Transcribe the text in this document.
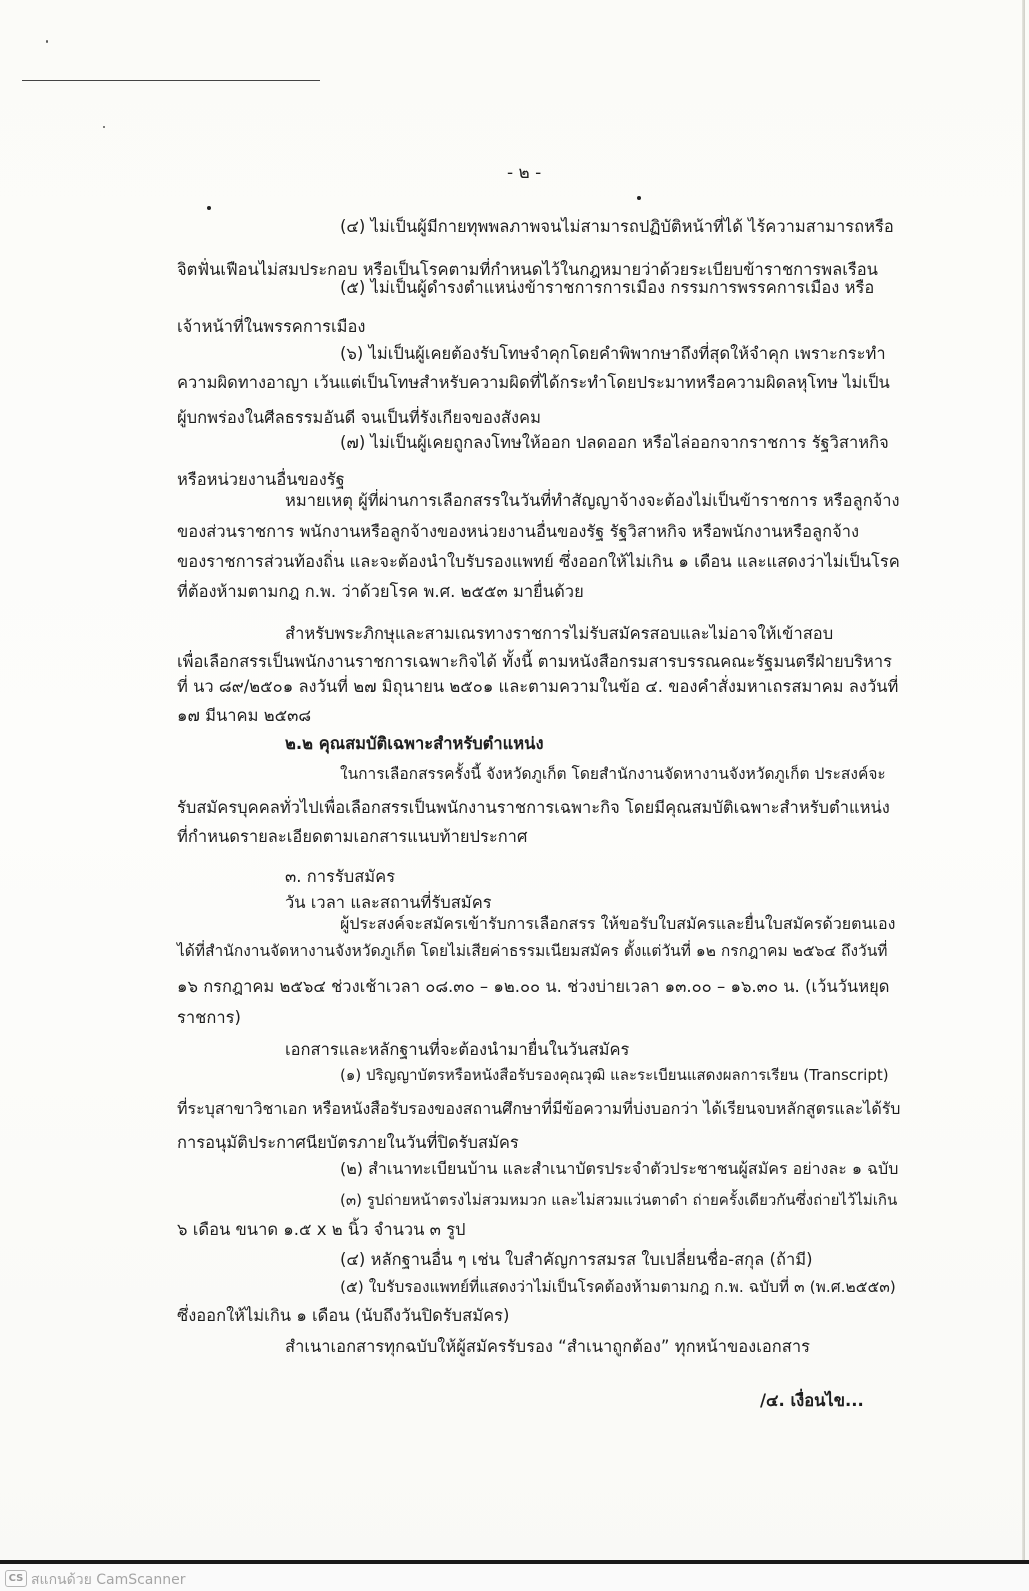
- ๒ -
(๔) ไม่เป็นผู้มีกายทุพพลภาพจนไม่สามารถปฏิบัติหน้าที่ได้ ไร้ความสามารถหรือ
จิตฟั่นเฟือนไม่สมประกอบ หรือเป็นโรคตามที่กำหนดไว้ในกฎหมายว่าด้วยระเบียบข้าราชการพลเรือน
(๕) ไม่เป็นผู้ดำรงตำแหน่งข้าราชการการเมือง กรรมการพรรคการเมือง หรือ
เจ้าหน้าที่ในพรรคการเมือง
(๖) ไม่เป็นผู้เคยต้องรับโทษจำคุกโดยคำพิพากษาถึงที่สุดให้จำคุก เพราะกระทำ
ความผิดทางอาญา เว้นแต่เป็นโทษสำหรับความผิดที่ได้กระทำโดยประมาทหรือความผิดลหุโทษ ไม่เป็น
ผู้บกพร่องในศีลธรรมอันดี จนเป็นที่รังเกียจของสังคม
(๗) ไม่เป็นผู้เคยถูกลงโทษให้ออก ปลดออก หรือไล่ออกจากราชการ รัฐวิสาหกิจ
หรือหน่วยงานอื่นของรัฐ
หมายเหตุ ผู้ที่ผ่านการเลือกสรรในวันที่ทำสัญญาจ้างจะต้องไม่เป็นข้าราชการ หรือลูกจ้าง
ของส่วนราชการ พนักงานหรือลูกจ้างของหน่วยงานอื่นของรัฐ รัฐวิสาหกิจ หรือพนักงานหรือลูกจ้าง
ของราชการส่วนท้องถิ่น และจะต้องนำใบรับรองแพทย์ ซึ่งออกให้ไม่เกิน ๑ เดือน และแสดงว่าไม่เป็นโรค
ที่ต้องห้ามตามกฎ ก.พ. ว่าด้วยโรค พ.ศ. ๒๕๕๓ มายื่นด้วย
สำหรับพระภิกษุและสามเณรทางราชการไม่รับสมัครสอบและไม่อาจให้เข้าสอบ
เพื่อเลือกสรรเป็นพนักงานราชการเฉพาะกิจได้ ทั้งนี้ ตามหนังสือกรมสารบรรณคณะรัฐมนตรีฝ่ายบริหาร
ที่ นว ๘๙/๒๕๐๑ ลงวันที่ ๒๗ มิถุนายน ๒๕๐๑ และตามความในข้อ ๔. ของคำสั่งมหาเถรสมาคม ลงวันที่
๑๗ มีนาคม ๒๕๓๘
๒.๒ คุณสมบัติเฉพาะสำหรับตำแหน่ง
ในการเลือกสรรครั้งนี้ จังหวัดภูเก็ต โดยสำนักงานจัดหางานจังหวัดภูเก็ต ประสงค์จะ
รับสมัครบุคคลทั่วไปเพื่อเลือกสรรเป็นพนักงานราชการเฉพาะกิจ โดยมีคุณสมบัติเฉพาะสำหรับตำแหน่ง
ที่กำหนดรายละเอียดตามเอกสารแนบท้ายประกาศ
๓. การรับสมัคร
วัน เวลา และสถานที่รับสมัคร
ผู้ประสงค์จะสมัครเข้ารับการเลือกสรร ให้ขอรับใบสมัครและยื่นใบสมัครด้วยตนเอง
ได้ที่สำนักงานจัดหางานจังหวัดภูเก็ต โดยไม่เสียค่าธรรมเนียมสมัคร ตั้งแต่วันที่ ๑๒ กรกฎาคม ๒๕๖๔ ถึงวันที่
๑๖ กรกฎาคม ๒๕๖๔ ช่วงเช้าเวลา ๐๘.๓๐ – ๑๒.๐๐ น. ช่วงบ่ายเวลา ๑๓.๐๐ – ๑๖.๓๐ น. (เว้นวันหยุด
ราชการ)
เอกสารและหลักฐานที่จะต้องนำมายื่นในวันสมัคร
(๑) ปริญญาบัตรหรือหนังสือรับรองคุณวุฒิ และระเบียนแสดงผลการเรียน (Transcript)
ที่ระบุสาขาวิชาเอก หรือหนังสือรับรองของสถานศึกษาที่มีข้อความที่บ่งบอกว่า ได้เรียนจบหลักสูตรและได้รับ
การอนุมัติประกาศนียบัตรภายในวันที่ปิดรับสมัคร
(๒) สำเนาทะเบียนบ้าน และสำเนาบัตรประจำตัวประชาชนผู้สมัคร อย่างละ ๑ ฉบับ
(๓) รูปถ่ายหน้าตรงไม่สวมหมวก และไม่สวมแว่นตาดำ ถ่ายครั้งเดียวกันซึ่งถ่ายไว้ไม่เกิน
๖ เดือน ขนาด ๑.๕ x ๒ นิ้ว จำนวน ๓ รูป
(๔) หลักฐานอื่น ๆ เช่น ใบสำคัญการสมรส ใบเปลี่ยนชื่อ-สกุล (ถ้ามี)
(๕) ใบรับรองแพทย์ที่แสดงว่าไม่เป็นโรคต้องห้ามตามกฎ ก.พ. ฉบับที่ ๓ (พ.ศ.๒๕๕๓)
ซึ่งออกให้ไม่เกิน ๑ เดือน (นับถึงวันปิดรับสมัคร)
สำเนาเอกสารทุกฉบับให้ผู้สมัครรับรอง “สำเนาถูกต้อง” ทุกหน้าของเอกสาร
/๔. เงื่อนไข...
CS สแกนด้วย CamScanner
